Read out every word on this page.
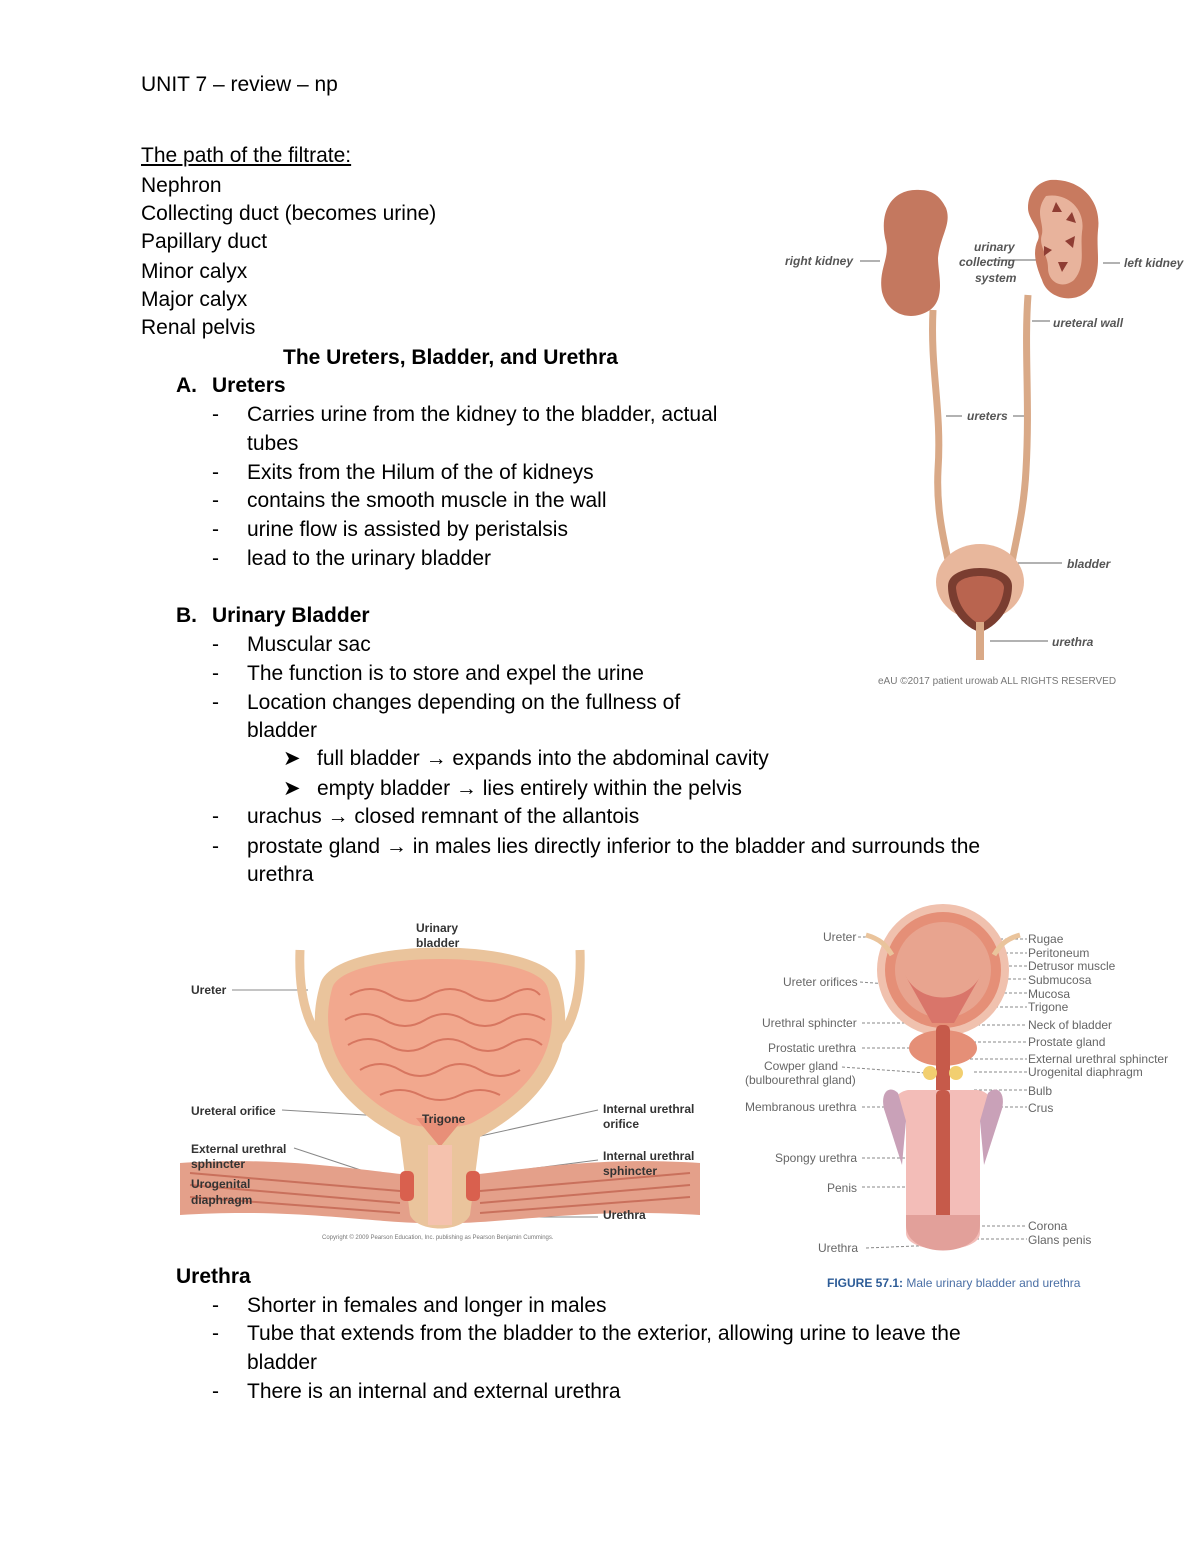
UNIT 7 – review – np
The path of the filtrate:
Nephron
Collecting duct (becomes urine)
Papillary duct
Minor calyx
Major calyx
Renal pelvis
The Ureters, Bladder, and Urethra
A. Ureters
- Carries urine from the kidney to the bladder, actual
tubes
- Exits from the Hilum of the of kidneys
- contains the smooth muscle in the wall
- urine flow is assisted by peristalsis
- lead to the urinary bladder
B. Urinary Bladder
- Muscular sac
- The function is to store and expel the urine
- Location changes depending on the fullness of
bladder
➤ full bladder → expands into the abdominal cavity
➤ empty bladder → lies entirely within the pelvis
- urachus → closed remnant of the allantois
- prostate gland → in males lies directly inferior to the bladder and surrounds the
urethra
Urethra
- Shorter in females and longer in males
- Tube that extends from the bladder to the exterior, allowing urine to leave the
bladder
- There is an internal and external urethra
right kidney
urinary
collecting
system
left kidney
ureteral wall
ureters
bladder
urethra
eAU ©2017 patient urowab ALL RIGHTS RESERVED
Urinary
bladder
Ureter
Ureteral orifice
Trigone
Internal urethral
orifice
External urethral
sphincter
Internal urethral
sphincter
Urogenital
diaphragm
Urethra
Copyright © 2009 Pearson Education, Inc. publishing as Pearson Benjamin Cummings.
Ureter
Ureter orifices
Urethral sphincter
Prostatic urethra
Cowper gland
(bulbourethral gland)
Membranous urethra
Spongy urethra
Penis
Urethra
Rugae
Peritoneum
Detrusor muscle
Submucosa
Mucosa
Trigone
Neck of bladder
Prostate gland
External urethral sphincter
Urogenital diaphragm
Bulb
Crus
Corona
Glans penis
FIGURE 57.1: Male urinary bladder and urethra
